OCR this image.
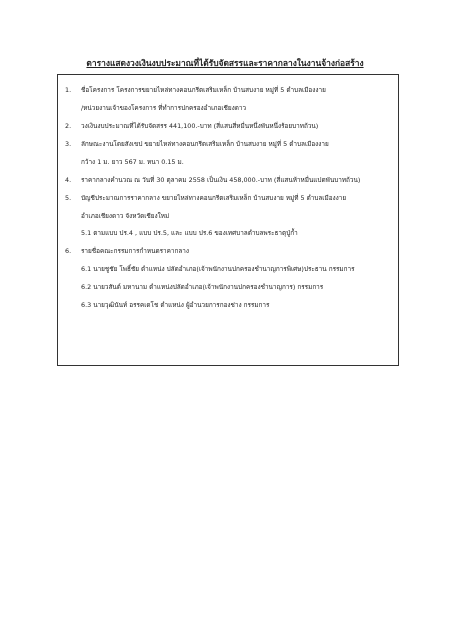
ตารางแสดงวงเงินงบประมาณที่ได้รับจัดสรรและราคากลางในงานจ้างก่อสร้าง
1. ชื่อโครงการ โครงการขยายไหล่ทางคอนกรีตเสริมเหล็ก บ้านสบงาย หมู่ที่ 5 ตำบลเมืองงาย
/หน่วยงานเจ้าของโครงการ ที่ทำการปกครองอำเภอเชียงดาว
2. วงเงินงบประมาณที่ได้รับจัดสรร 441,100.-บาท (สี่แสนสี่หมื่นหนึ่งพันหนึ่งร้อยบาทถ้วน)
3. ลักษณะงานโดยสังเขป ขยายไหล่ทางคอนกรีตเสริมเหล็ก บ้านสบงาย หมู่ที่ 5 ตำบลเมืองงาย
กว้าง 1 ม. ยาว 567 ม. หนา 0.15 ม.
4. ราคากลางคำนวณ ณ วันที่ 30 ตุลาคม 2558 เป็นเงิน 458,000.-บาท (สี่แสนห้าหมื่นแปดพันบาทถ้วน)
5. บัญชีประมาณการราคากลาง ขยายไหล่ทางคอนกรีตเสริมเหล็ก บ้านสบงาย หมู่ที่ 5 ตำบลเมืองงาย
อำเภอเชียงดาว จังหวัดเชียงใหม่
5.1 ตามแบบ ปร.4 , แบบ ปร.5, และ แบบ ปร.6 ของเทศบาลตำบลพระธาตุปู่ก้ำ
6. รายชื่อคณะกรรมการกำหนดราคากลาง
6.1 นายชูชัย โพธิ์ชัย ตำแหน่ง ปลัดอำเภอ(เจ้าพนักงานปกครองชำนาญการพิเศษ)ประธาน กรรมการ
6.2 นายวสันต์ มหานาม ตำแหน่งปลัดอำเภอ(เจ้าพนักงานปกครองชำนาญการ) กรรมการ
6.3 นายวุฒินันท์ อรรคเดโช ตำแหน่ง ผู้อำนวยการกองช่าง กรรมการ
